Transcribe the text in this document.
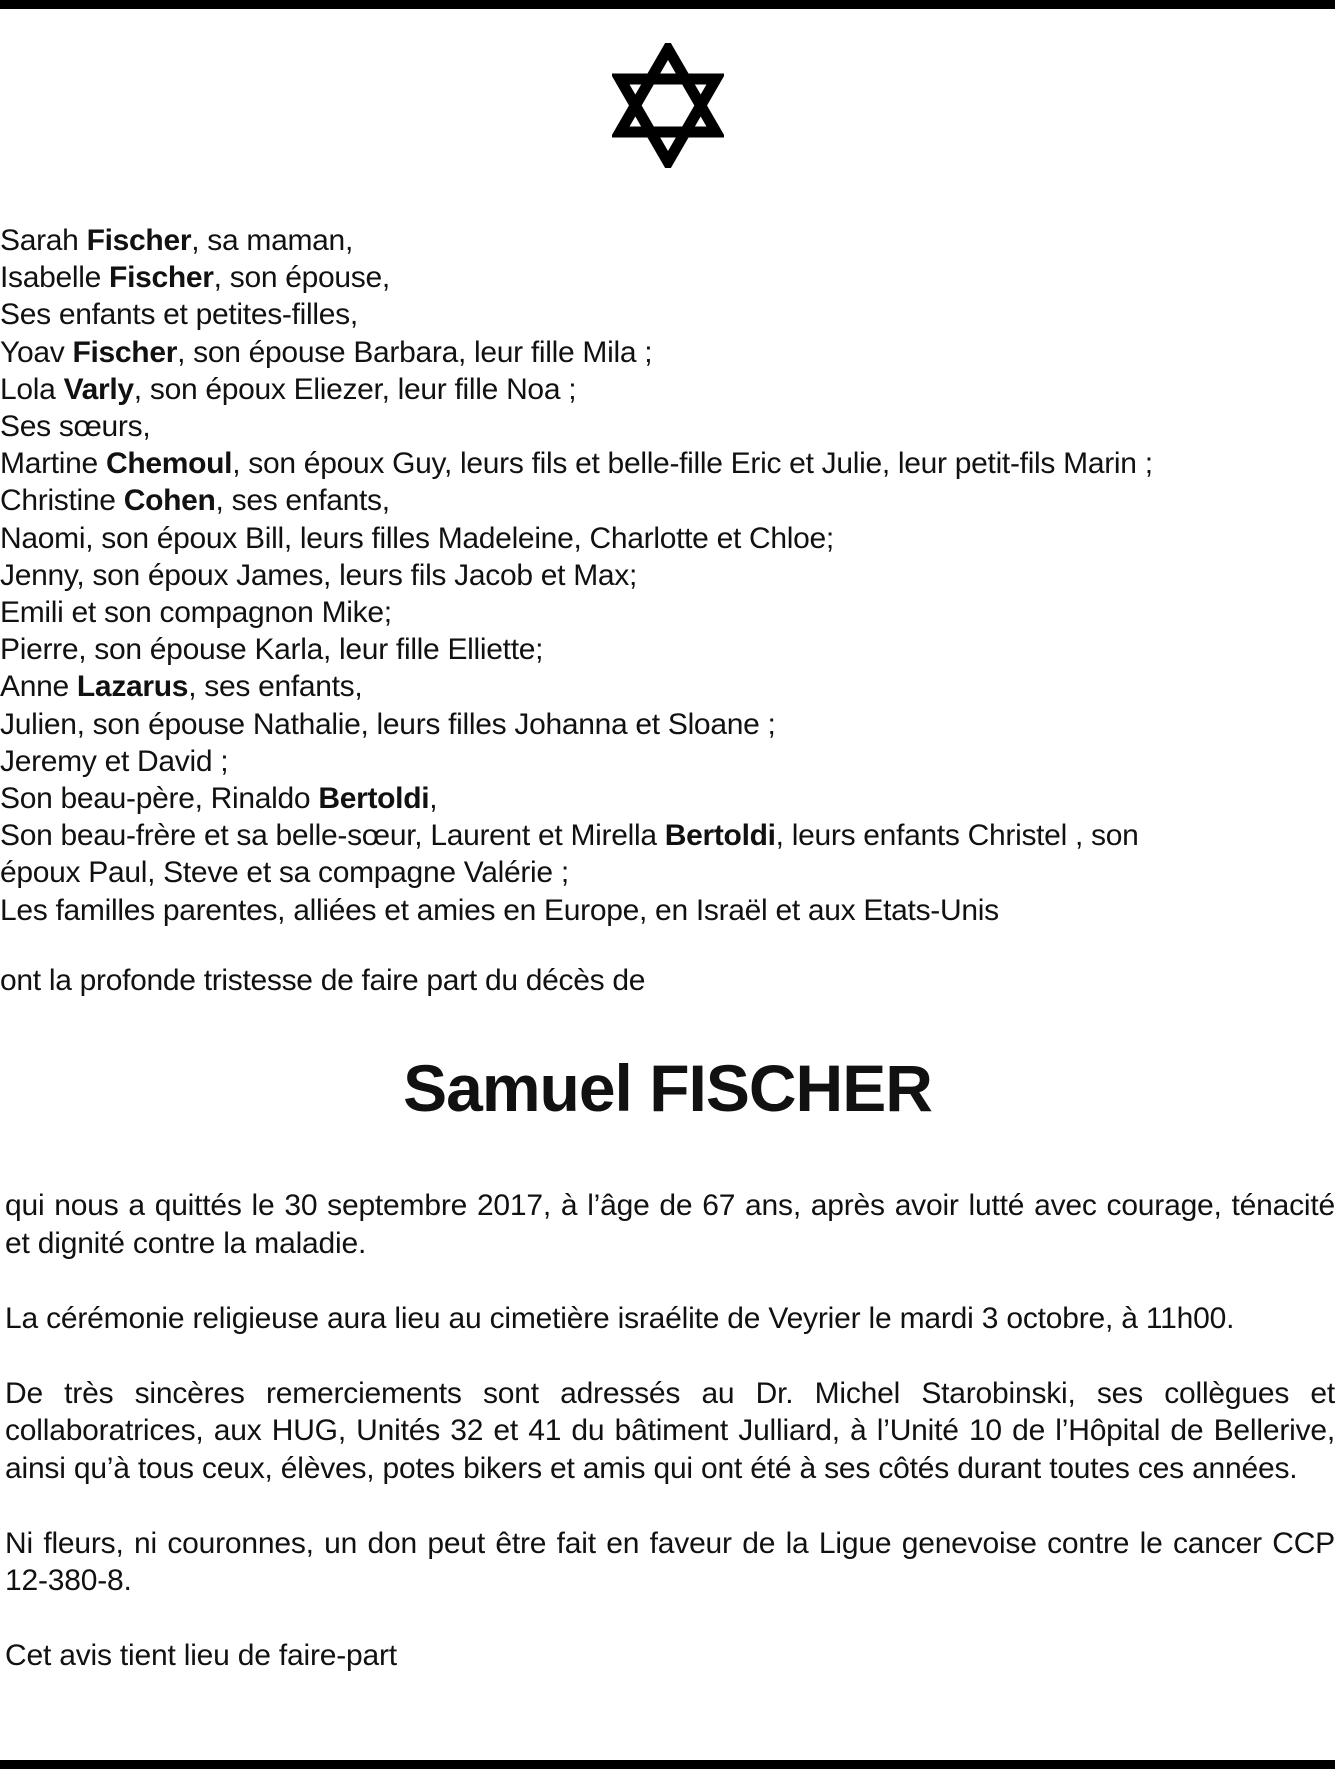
Sarah Fischer, sa maman,
Isabelle Fischer, son épouse,
Ses enfants et petites-filles,
Yoav Fischer, son épouse Barbara, leur fille Mila ;
Lola Varly, son époux Eliezer, leur fille Noa ;
Ses sœurs,
Martine Chemoul, son époux Guy, leurs fils et belle-fille Eric et Julie, leur petit-fils Marin ;
Christine Cohen, ses enfants,
Naomi, son époux Bill, leurs filles Madeleine, Charlotte et Chloe;
Jenny, son époux James, leurs fils Jacob et Max;
Emili et son compagnon Mike;
Pierre, son épouse Karla, leur fille Elliette;
Anne Lazarus, ses enfants,
Julien, son épouse Nathalie, leurs filles Johanna et Sloane ;
Jeremy et David ;
Son beau-père, Rinaldo Bertoldi,
Son beau-frère et sa belle-sœur, Laurent et Mirella Bertoldi, leurs enfants Christel , son
époux Paul, Steve et sa compagne Valérie ;
Les familles parentes, alliées et amies en Europe, en Israël et aux Etats-Unis
ont la profonde tristesse de faire part du décès de
Samuel FISCHER

qui nous a quittés le 30 septembre 2017, à l’âge de 67 ans, après avoir lutté avec courage, ténacité et dignité contre la maladie.

La cérémonie religieuse aura lieu au cimetière israélite de Veyrier le mardi 3 octobre, à 11h00.

De très sincères remerciements sont adressés au Dr. Michel Starobinski, ses collègues et collaboratrices, aux HUG, Unités 32 et 41 du bâtiment Julliard, à l’Unité 10 de l’Hôpital de Bellerive, ainsi qu’à tous ceux, élèves, potes bikers et amis qui ont été à ses côtés durant toutes ces années.

Ni fleurs, ni couronnes, un don peut être fait en faveur de la Ligue genevoise contre le cancer CCP 12-380-8.

Cet avis tient lieu de faire-part
